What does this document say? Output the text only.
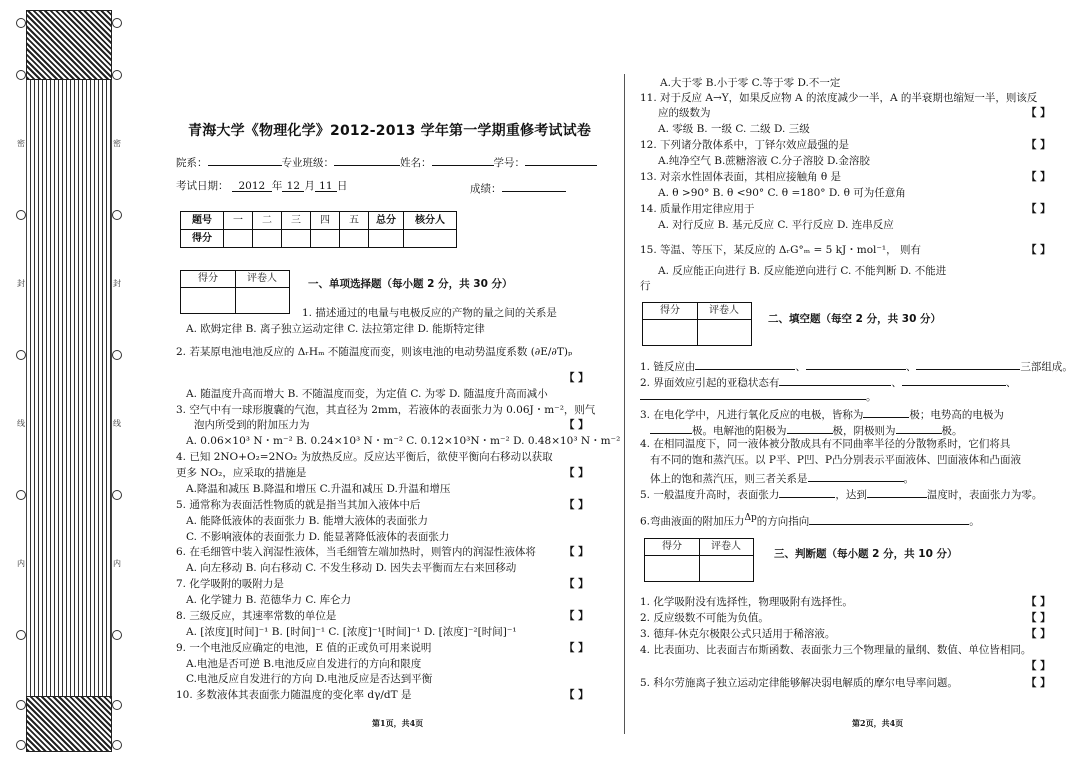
密	密
封	封
线	线
内	内
青海大学《物理化学》2012-2013 学年第一学期重修考试试卷
院系：	专业班级：	姓名：	学号：
考试日期： 2012 年 12 月 11 日	成绩：
题号	一	二	三	四	五	总分	核分人
得分							
得分	评卷人	一、单项选择题（每小题 2 分，共 30 分）
1. 描述通过的电量与电极反应的产物的量之间的关系是
A. 欧姆定律 B. 离子独立运动定律 C. 法拉第定律 D. 能斯特定律
2. 若某原电池电池反应的 ΔᵣHₘ 不随温度而变，则该电池的电动势温度系数 (∂E/∂T)ₚ
【 】
A. 随温度升高而增大 B. 不随温度而变，为定值 C. 为零 D. 随温度升高而减小
3. 空气中有一球形腹囊的气泡，其直径为 2mm，若液体的表面张力为 0.06J・m⁻²，则气
泡内所受到的附加压力为	【 】
A. 0.06×10³ N・m⁻² B. 0.24×10³ N・m⁻² C. 0.12×10³N・m⁻² D. 0.48×10³ N・m⁻²
4. 已知 2NO+O₂=2NO₂ 为放热反应。反应达平衡后，欲使平衡向右移动以获取
更多 NO₂，应采取的措施是	【 】
A.降温和减压 B.降温和增压 C.升温和减压 D.升温和增压
5. 通常称为表面活性物质的就是指当其加入液体中后	【 】
A. 能降低液体的表面张力 B. 能增大液体的表面张力
C. 不影响液体的表面张力 D. 能显著降低液体的表面张力
6. 在毛细管中装入润湿性液体，当毛细管左端加热时，则管内的润湿性液体将	【 】
A. 向左移动 B. 向右移动 C. 不发生移动 D. 因失去平衡而左右来回移动
7. 化学吸附的吸附力是	【 】
A. 化学键力 B. 范德华力 C. 库仑力
8. 三级反应，其速率常数的单位是	【 】
A. [浓度][时间]⁻¹ B. [时间]⁻¹ C. [浓度]⁻¹[时间]⁻¹ D. [浓度]⁻²[时间]⁻¹
9. 一个电池反应确定的电池，E 值的正或负可用来说明	【 】
A.电池是否可逆 B.电池反应自发进行的方向和限度
C.电池反应自发进行的方向 D.电池反应是否达到平衡
10. 多数液体其表面张力随温度的变化率 dγ/dT 是	【 】
第1页，共4页
A.大于零 B.小于零 C.等于零 D.不一定
11. 对于反应 A→Y，如果反应物 A 的浓度减少一半，A 的半衰期也缩短一半，则该反
应的级数为	【 】
A. 零级 B. 一级 C. 二级 D. 三级
12. 下列诸分散体系中，丁铎尔效应最强的是	【 】
A.纯净空气 B.蔗糖溶液 C.分子溶胶 D.金溶胶
13. 对亲水性固体表面，其相应接触角 θ 是	【 】
A. θ >90° B. θ <90° C. θ =180° D. θ 可为任意角
14. 质量作用定律应用于	【 】
A. 对行反应 B. 基元反应 C. 平行反应 D. 连串反应
15. 等温、等压下，某反应的 ΔᵣG°ₘ = 5 kJ・mol⁻¹， 则有	【 】
A. 反应能正向进行 B. 反应能逆向进行 C. 不能判断 D. 不能进
行
得分	评卷人
二、填空题（每空 2 分，共 30 分）
1. 链反应由	、	、	三部组成。
2. 界面效应引起的亚稳状态有	、	、
。
3. 在电化学中，凡进行氧化反应的电极，皆称为	极；电势高的电极为
极。电解池的阳极为	极，阴极则为	极。
4. 在相同温度下，同一液体被分散成具有不同曲率半径的分散物系时，它们将具
有不同的饱和蒸汽压。以 P平、P凹、P凸分别表示平面液体、凹面液体和凸面液
体上的饱和蒸汽压，则三者关系是	。
5. 一般温度升高时，表面张力	，达到	温度时，表面张力为零。
6.弯曲液面的附加压力Δp的方向指向	。
得分	评卷人
三、判断题（每小题 2 分，共 10 分）
1. 化学吸附没有选择性，物理吸附有选择性。	【 】
2. 反应级数不可能为负值。	【 】
3. 德拜-休克尔极限公式只适用于稀溶液。	【 】
4. 比表面功、比表面吉布斯函数、表面张力三个物理量的量纲、数值、单位皆相同。
【 】
5. 科尔劳施离子独立运动定律能够解决弱电解质的摩尔电导率问题。	【 】
第2页，共4页
